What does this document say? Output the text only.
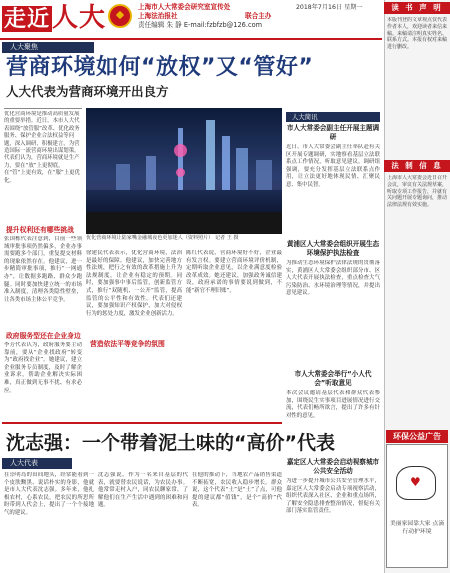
走近人大	上海市人大常委会研究室宣传处
上海法治报社
责任编辑 朱 静 E-mail:fzbfzb@126.com
联合主办
2018年7月16日 星期一
人大聚焦
营商环境如何“放权”又“管好”
人大代表为营商环境开出良方

优化营商环境是推动高质量发展的重要举措。近日，本市人大代表围绕“放管服”改革、优化政务服务、保护企业合法权益等问题，深入调研，积极建言，为营造国际一流营商环境出谋划策。代表们认为，营商环境就是生产力，要在“放”上更彻底，在“管”上更有效，在“服”上更优化。

优化营商环境让陆家嘴金融城夜色更加迷人（资料照片） 记者 王 摄
提升权利还有哪些挑战
张国栋代表注意到，目前一些领域审批事项仍然偏多，企业办事需要跑多个部门，重复提交材料的现象依然存在。他建议，进一步精简审批事项，推行“一网通办”，让数据多跑路、群众少跑腿。同时要加快建立统一的市场准入制度，清理各类隐性壁垒，让各类市场主体公平竞争。
政府服务型还在企业身边
李芳代表认为，政府服务要主动靠前，要从“企业找政府”转变为“政府找企业”。她建议，建立企业服务专员制度，及时了解企业诉求，帮助企业解决实际困难，真正做到无事不扰、有求必应。
徐建民代表表示，优化营商环境，法治是最好的保障。他建议，加快完善地方性法规，把行之有效的改革措施上升为法规制度，让企业有稳定的预期。同时，要加强事中事后监管，创新监管方式，推行“双随机、一公开”监管，提高监管的公平性和有效性。代表们还建议，要加强知识产权保护，加大对侵权行为的惩处力度，激发企业创新活力。
营造依法平等竞争的氛围
陈红代表说，营商环境好不好，企业最有发言权。要建立营商环境评价机制，定期听取企业意见，以企业满意度检验改革成效。她还建议，加强政务诚信建设，政府承诺的事情要说到做到，不能“新官不理旧账”。
沈志强：一个带着泥土味的“高价”代表
人大代表
在崇明岛的田间地头，经常能看到一个皮肤黝黑、说话朴实的身影，他就是市人大代表沈志强。多年来，他扎根农村，心系农民，把农民的所思所盼带到人代会上，提出了一个个接地气的建议。
沈志强说，作为一名来自基层的代表，就要替农民说话，为农民办事。他常常走村入户，同农民聊家常，了解他们在生产生活中遇到的困难和问题。
在他的推动下，当地农产品销售渠道不断拓宽，农民收入稳步增长。群众说，这个代表“土”是“土”了点，可他提的建议都“值钱”，是个“高价”代表。
人大简讯
市人大常委会副主任开展主题调研
近日，市人大常委会副主任率队赴有关区开展专题调研，实地察看基层立法联系点工作情况，听取意见建议。调研组强调，要充分发挥基层立法联系点作用，让立法更好地体现民情、汇聚民意、集中民智。
黄浦区人大常委会组织开展生态环境保护执法检查
为推动生态环境保护法律法规的贯彻落实，黄浦区人大常委会组织部分市、区人大代表开展执法检查，重点检查大气污染防治、水环境治理等情况，并提出意见建议。
市人大常委会举行“小人代会”听取意见
本次会议邀请基层代表和群众代表参加，围绕民生实事项目进展情况进行交流，代表们畅所欲言，提出了许多有针对性的意见。
嘉定区人大常委会启动视察城市公共安全活动
为进一步提升城市公共安全管理水平，嘉定区人大常委会启动专项视察活动，组织代表深入社区、企业和重点场所，了解安全隐患排查整治情况，督促有关部门落实监管责任。
读 书 声 明
本版刊登的文章观点仅代表作者本人，欢迎读者来信来稿。来稿请注明真实姓名、联系方式。本报有权对来稿进行删改。
法 制 信 息
上海市人大常委会近日召开会议，审议有关法规草案，听取专项工作报告，并就有关问题开展专题询问，推动法律法规有效实施。
环保公益广告
♥
美丽家园靠大家 点滴行动护环境
